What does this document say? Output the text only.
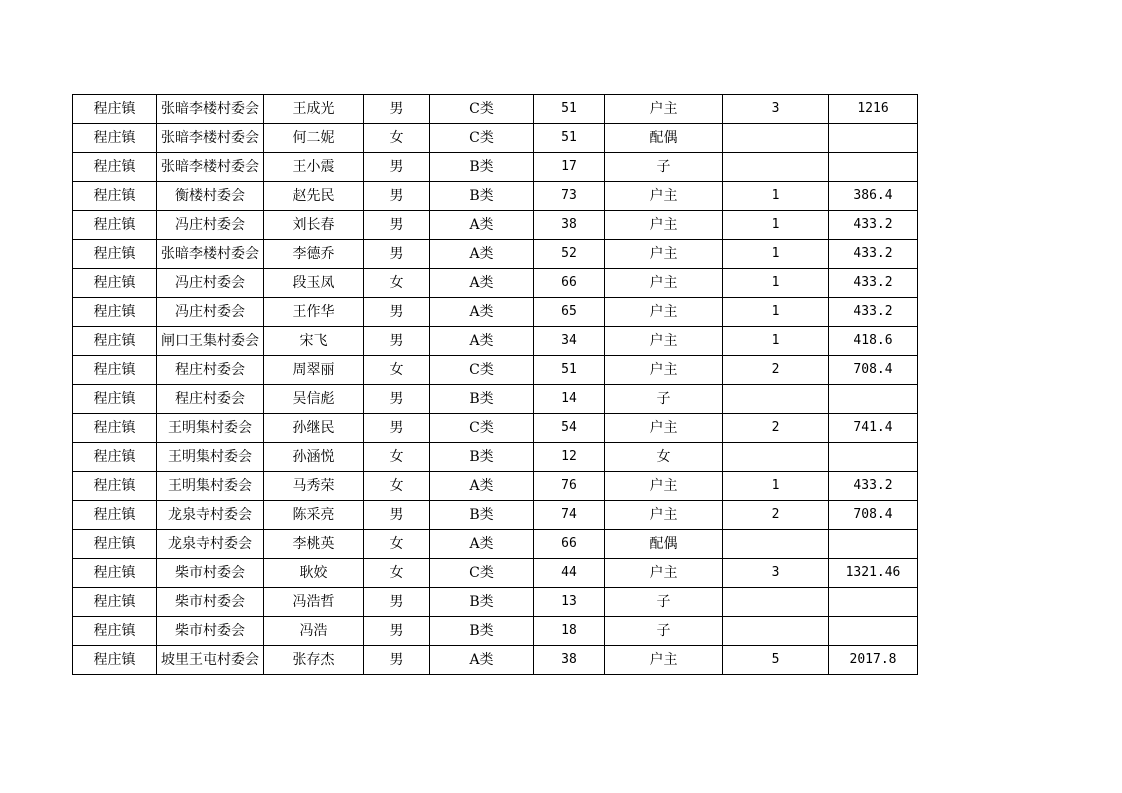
程庄镇	张暗李楼村委会	王成光	男	C类	51	户主	3	1216
程庄镇	张暗李楼村委会	何二妮	女	C类	51	配偶		
程庄镇	张暗李楼村委会	王小震	男	B类	17	子		
程庄镇	衡楼村委会	赵先民	男	B类	73	户主	1	386.4
程庄镇	冯庄村委会	刘长春	男	A类	38	户主	1	433.2
程庄镇	张暗李楼村委会	李德乔	男	A类	52	户主	1	433.2
程庄镇	冯庄村委会	段玉凤	女	A类	66	户主	1	433.2
程庄镇	冯庄村委会	王作华	男	A类	65	户主	1	433.2
程庄镇	闸口王集村委会	宋飞	男	A类	34	户主	1	418.6
程庄镇	程庄村委会	周翠丽	女	C类	51	户主	2	708.4
程庄镇	程庄村委会	吴信彪	男	B类	14	子		
程庄镇	王明集村委会	孙继民	男	C类	54	户主	2	741.4
程庄镇	王明集村委会	孙涵悦	女	B类	12	女		
程庄镇	王明集村委会	马秀荣	女	A类	76	户主	1	433.2
程庄镇	龙泉寺村委会	陈采亮	男	B类	74	户主	2	708.4
程庄镇	龙泉寺村委会	李桃英	女	A类	66	配偶		
程庄镇	柴市村委会	耿姣	女	C类	44	户主	3	1321.46
程庄镇	柴市村委会	冯浩哲	男	B类	13	子		
程庄镇	柴市村委会	冯浩	男	B类	18	子		
程庄镇	坡里王屯村委会	张存杰	男	A类	38	户主	5	2017.8
